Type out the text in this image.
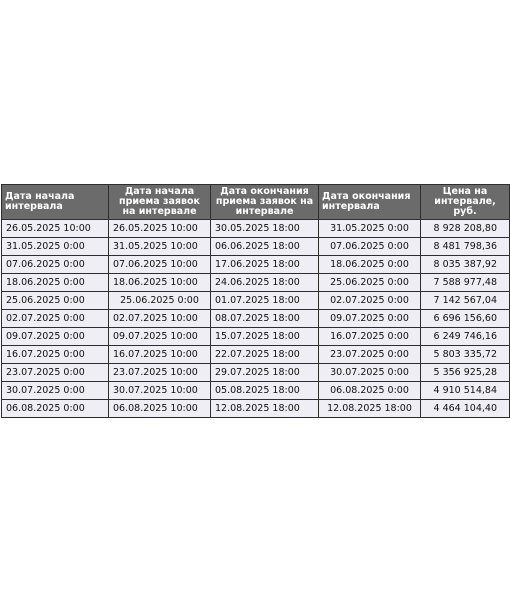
Дата начала интервала	Дата начала приема заявок на интервале	Дата окончания приема заявок на интервале	Дата окончания интервала	Цена на интервале, руб.
26.05.2025 10:00	26.05.2025 10:00	30.05.2025 18:00	31.05.2025 0:00	8 928 208,80
31.05.2025 0:00	31.05.2025 10:00	06.06.2025 18:00	07.06.2025 0:00	8 481 798,36
07.06.2025 0:00	07.06.2025 10:00	17.06.2025 18:00	18.06.2025 0:00	8 035 387,92
18.06.2025 0:00	18.06.2025 10:00	24.06.2025 18:00	25.06.2025 0:00	7 588 977,48
25.06.2025 0:00	25.06.2025 0:00	01.07.2025 18:00	02.07.2025 0:00	7 142 567,04
02.07.2025 0:00	02.07.2025 10:00	08.07.2025 18:00	09.07.2025 0:00	6 696 156,60
09.07.2025 0:00	09.07.2025 10:00	15.07.2025 18:00	16.07.2025 0:00	6 249 746,16
16.07.2025 0:00	16.07.2025 10:00	22.07.2025 18:00	23.07.2025 0:00	5 803 335,72
23.07.2025 0:00	23.07.2025 10:00	29.07.2025 18:00	30.07.2025 0:00	5 356 925,28
30.07.2025 0:00	30.07.2025 10:00	05.08.2025 18:00	06.08.2025 0:00	4 910 514,84
06.08.2025 0:00	06.08.2025 10:00	12.08.2025 18:00	12.08.2025 18:00	4 464 104,40
